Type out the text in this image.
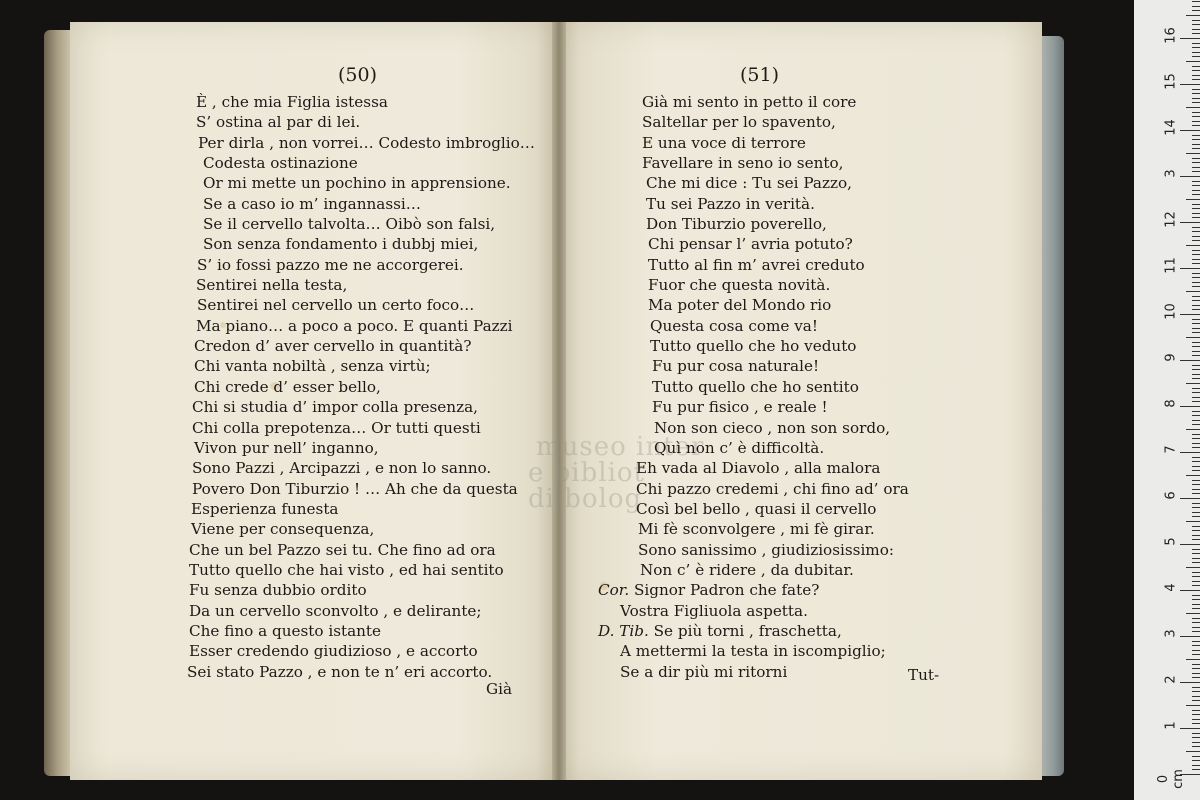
museo inter
e bibliot
di bolog
(50)
È , che mia Figlia istessa
S’ ostina al par di lei.
Per dirla , non vorrei… Codesto imbroglio…
Codesta ostinazione
Or mi mette un pochino in apprensione.
Se a caso io m’ ingannassi…
Se il cervello talvolta… Oibò son falsi,
Son senza fondamento i dubbj miei,
S’ io fossi pazzo me ne accorgerei.
Sentirei nella testa,
Sentirei nel cervello un certo foco…
Ma piano… a poco a poco. E quanti Pazzi
Credon d’ aver cervello in quantità?
Chi vanta nobiltà , senza virtù;
Chi crede d’ esser bello,
Chi si studia d’ impor colla presenza,
Chi colla prepotenza… Or tutti questi
Vivon pur nell’ inganno,
Sono Pazzi , Arcipazzi , e non lo sanno.
Povero Don Tiburzio ! … Ah che da questa
Esperienza funesta
Viene per consequenza,
Che un bel Pazzo sei tu. Che fino ad ora
Tutto quello che hai visto , ed hai sentito
Fu senza dubbio ordito
Da un cervello sconvolto , e delirante;
Che fino a questo istante
Esser credendo giudizioso , e accorto
Sei stato Pazzo , e non te n’ eri accorto.
Già
(51)
Già mi sento in petto il core
Saltellar per lo spavento,
E una voce di terrore
Favellare in seno io sento,
Che mi dice : Tu sei Pazzo,
Tu sei Pazzo in verità.
Don Tiburzio poverello,
Chi pensar l’ avria potuto?
Tutto al fin m’ avrei creduto
Fuor che questa novità.
Ma poter del Mondo rio
Questa cosa come va!
Tutto quello che ho veduto
Fu pur cosa naturale!
Tutto quello che ho sentito
Fu pur fisico , e reale !
Non son cieco , non son sordo,
Quì non c’ è difficoltà.
Eh vada al Diavolo , alla malora
Chi pazzo credemi , chi fino ad’ ora
Così bel bello , quasi il cervello
Mi fè sconvolgere , mi fè girar.
Sono sanissimo , giudiziosissimo:
Non c’ è ridere , da dubitar.
Cor. Signor Padron che fate?
Vostra Figliuola aspetta.
D. Tib. Se più torni , fraschetta,
A mettermi la testa in iscompiglio;
Se a dir più mi ritorni	Tut-
0 cm
1
2
3
4
5
6
7
8
9
10
11
12
3
14
15
16
